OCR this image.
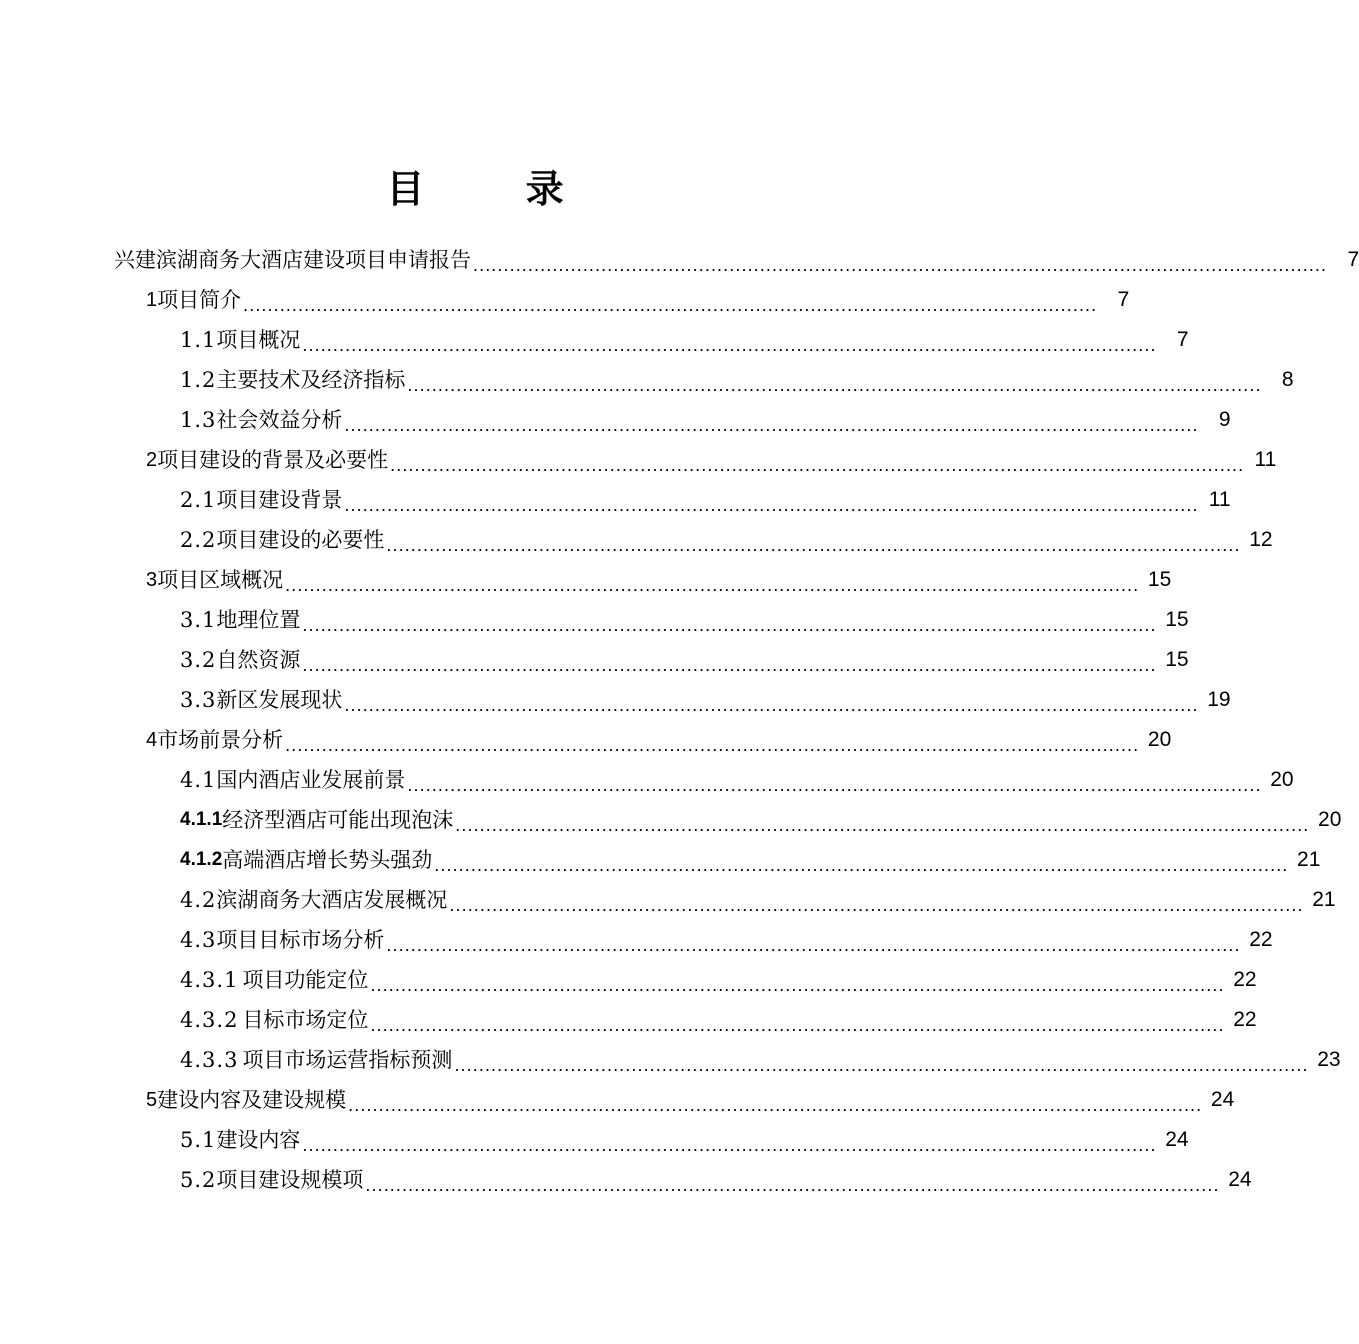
目 录
兴建滨湖商务大酒店建设项目申请报告 ............................................................................................................................................ 7
1 项目简介 ............................................................................................................................................ 7
1.1 项目概况 ............................................................................................................................................ 7
1.2 主要技术及经济指标 ............................................................................................................................................ 8
1.3 社会效益分析 ............................................................................................................................................ 9
2 项目建设的背景及必要性 ............................................................................................................................................ 11
2.1 项目建设背景 ............................................................................................................................................ 11
2.2 项目建设的必要性 ............................................................................................................................................ 12
3 项目区域概况 ............................................................................................................................................ 15
3.1 地理位置 ............................................................................................................................................ 15
3.2 自然资源 ............................................................................................................................................ 15
3.3 新区发展现状 ............................................................................................................................................ 19
4 市场前景分析 ............................................................................................................................................ 20
4.1 国内酒店业发展前景 ............................................................................................................................................ 20
4.1.1 经济型酒店可能出现泡沫 ............................................................................................................................................ 20
4.1.2 高端酒店增长势头强劲 ............................................................................................................................................ 21
4.2 滨湖商务大酒店发展概况 ............................................................................................................................................ 21
4.3 项目目标市场分析 ............................................................................................................................................ 22
4.3.1 项目功能定位 ............................................................................................................................................ 22
4.3.2 目标市场定位 ............................................................................................................................................ 22
4.3.3 项目市场运营指标预测 ............................................................................................................................................ 23
5 建设内容及建设规模 ............................................................................................................................................ 24
5.1 建设内容 ............................................................................................................................................ 24
5.2 项目建设规模项 ............................................................................................................................................ 24
